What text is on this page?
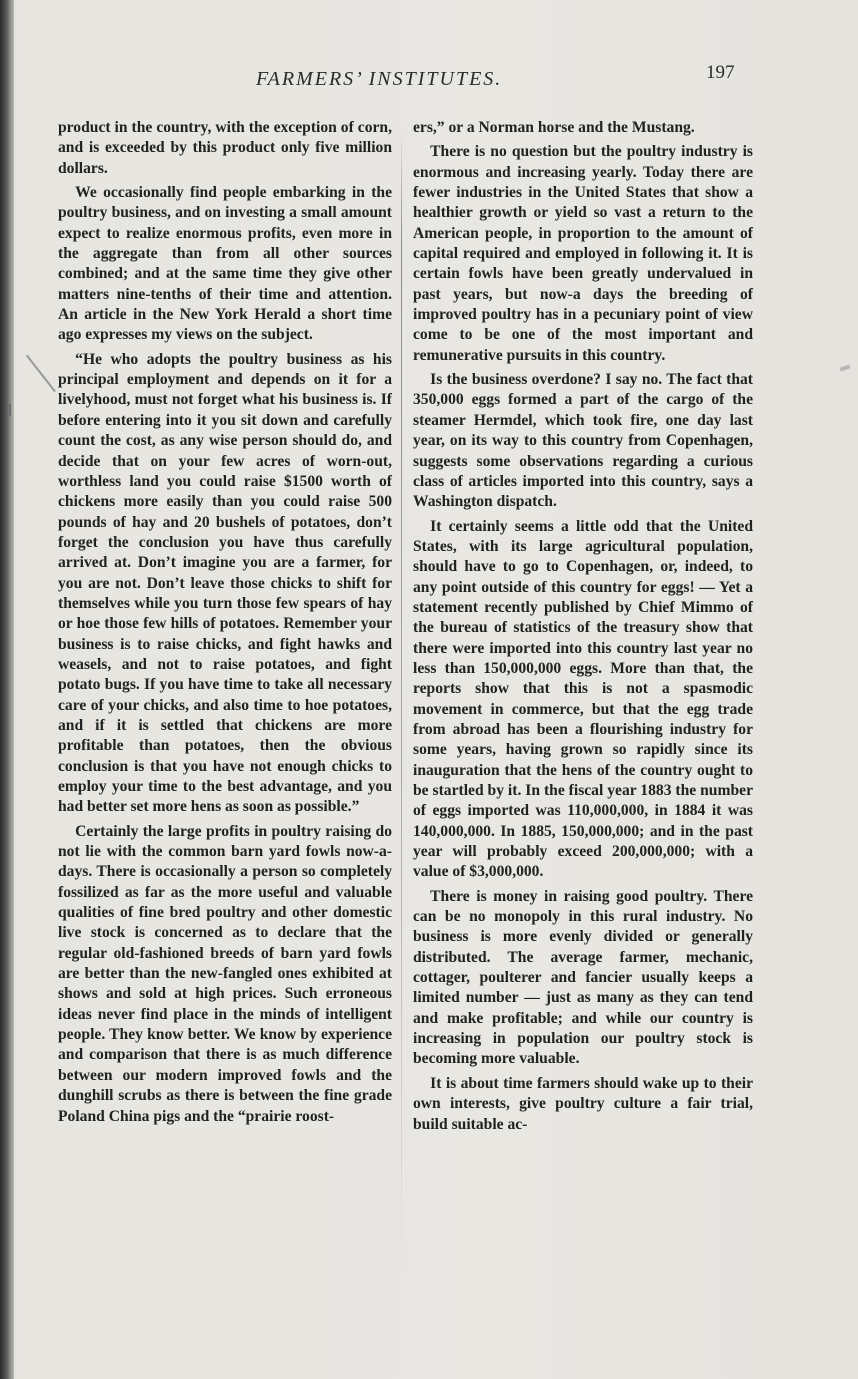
FARMERS’ INSTITUTES.	197

product in the country, with the exception of corn, and is exceeded by this product only five million dollars.

We occasionally find people embarking in the poultry business, and on investing a small amount expect to realize enormous profits, even more in the aggregate than from all other sources combined; and at the same time they give other matters nine-tenths of their time and attention. An article in the New York Herald a short time ago expresses my views on the subject.

“He who adopts the poultry business as his principal employment and depends on it for a livelyhood, must not forget what his business is. If before entering into it you sit down and carefully count the cost, as any wise person should do, and decide that on your few acres of worn-out, worthless land you could raise $1500 worth of chickens more easily than you could raise 500 pounds of hay and 20 bushels of potatoes, don’t forget the conclusion you have thus carefully arrived at. Don’t imagine you are a farmer, for you are not. Don’t leave those chicks to shift for themselves while you turn those few spears of hay or hoe those few hills of potatoes. Remember your business is to raise chicks, and fight hawks and weasels, and not to raise potatoes, and fight potato bugs. If you have time to take all necessary care of your chicks, and also time to hoe potatoes, and if it is settled that chickens are more profitable than potatoes, then the obvious conclusion is that you have not enough chicks to employ your time to the best advantage, and you had better set more hens as soon as possible.”

Certainly the large profits in poultry raising do not lie with the common barn yard fowls now-a-days. There is occasionally a person so completely fossilized as far as the more useful and valuable qualities of fine bred poultry and other domestic live stock is concerned as to declare that the regular old-fashioned breeds of barn yard fowls are better than the new-fangled ones exhibited at shows and sold at high prices. Such erroneous ideas never find place in the minds of intelligent people. They know better. We know by experience and comparison that there is as much difference between our modern improved fowls and the dunghill scrubs as there is between the fine grade Poland China pigs and the “prairie roost-

ers,” or a Norman horse and the Mustang.

There is no question but the poultry industry is enormous and increasing yearly. Today there are fewer industries in the United States that show a healthier growth or yield so vast a return to the American people, in proportion to the amount of capital required and employed in following it. It is certain fowls have been greatly undervalued in past years, but now-a days the breeding of improved poultry has in a pecuniary point of view come to be one of the most important and remunerative pursuits in this country.

Is the business overdone? I say no. The fact that 350,000 eggs formed a part of the cargo of the steamer Hermdel, which took fire, one day last year, on its way to this country from Copenhagen, suggests some observations regarding a curious class of articles imported into this country, says a Washington dispatch.

It certainly seems a little odd that the United States, with its large agricultural population, should have to go to Copenhagen, or, indeed, to any point outside of this country for eggs! — Yet a statement recently published by Chief Mimmo of the bureau of statistics of the treasury show that there were imported into this country last year no less than 150,000,000 eggs. More than that, the reports show that this is not a spasmodic movement in commerce, but that the egg trade from abroad has been a flourishing industry for some years, having grown so rapidly since its inauguration that the hens of the country ought to be startled by it. In the fiscal year 1883 the number of eggs imported was 110,000,000, in 1884 it was 140,000,000. In 1885, 150,000,000; and in the past year will probably exceed 200,000,000; with a value of $3,000,000.

There is money in raising good poultry. There can be no monopoly in this rural industry. No business is more evenly divided or generally distributed. The average farmer, mechanic, cottager, poulterer and fancier usually keeps a limited number — just as many as they can tend and make profitable; and while our country is increasing in population our poultry stock is becoming more valuable.

It is about time farmers should wake up to their own interests, give poultry culture a fair trial, build suitable ac-
